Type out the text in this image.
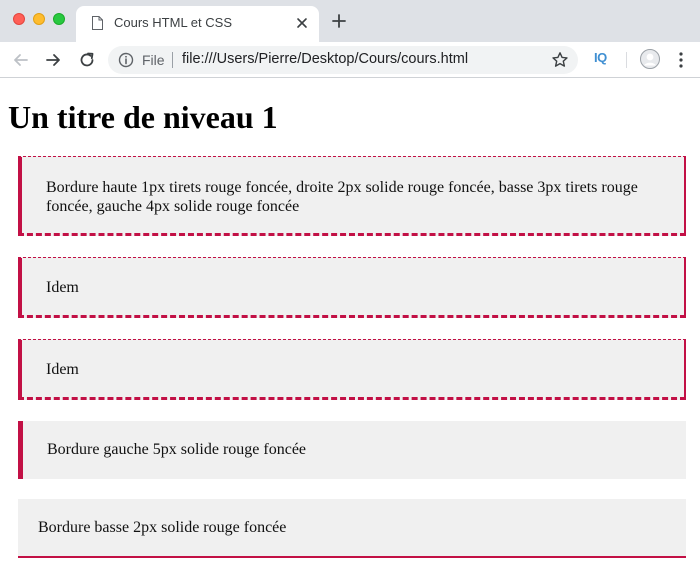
Cours HTML et CSS
File file:///Users/Pierre/Desktop/Cours/cours.html	IQ
Un titre de niveau 1

Bordure haute 1px tirets rouge foncée, droite 2px solide rouge foncée, basse 3px tirets rouge foncée, gauche 4px solide rouge foncée

Idem

Idem

Bordure gauche 5px solide rouge foncée

Bordure basse 2px solide rouge foncée
